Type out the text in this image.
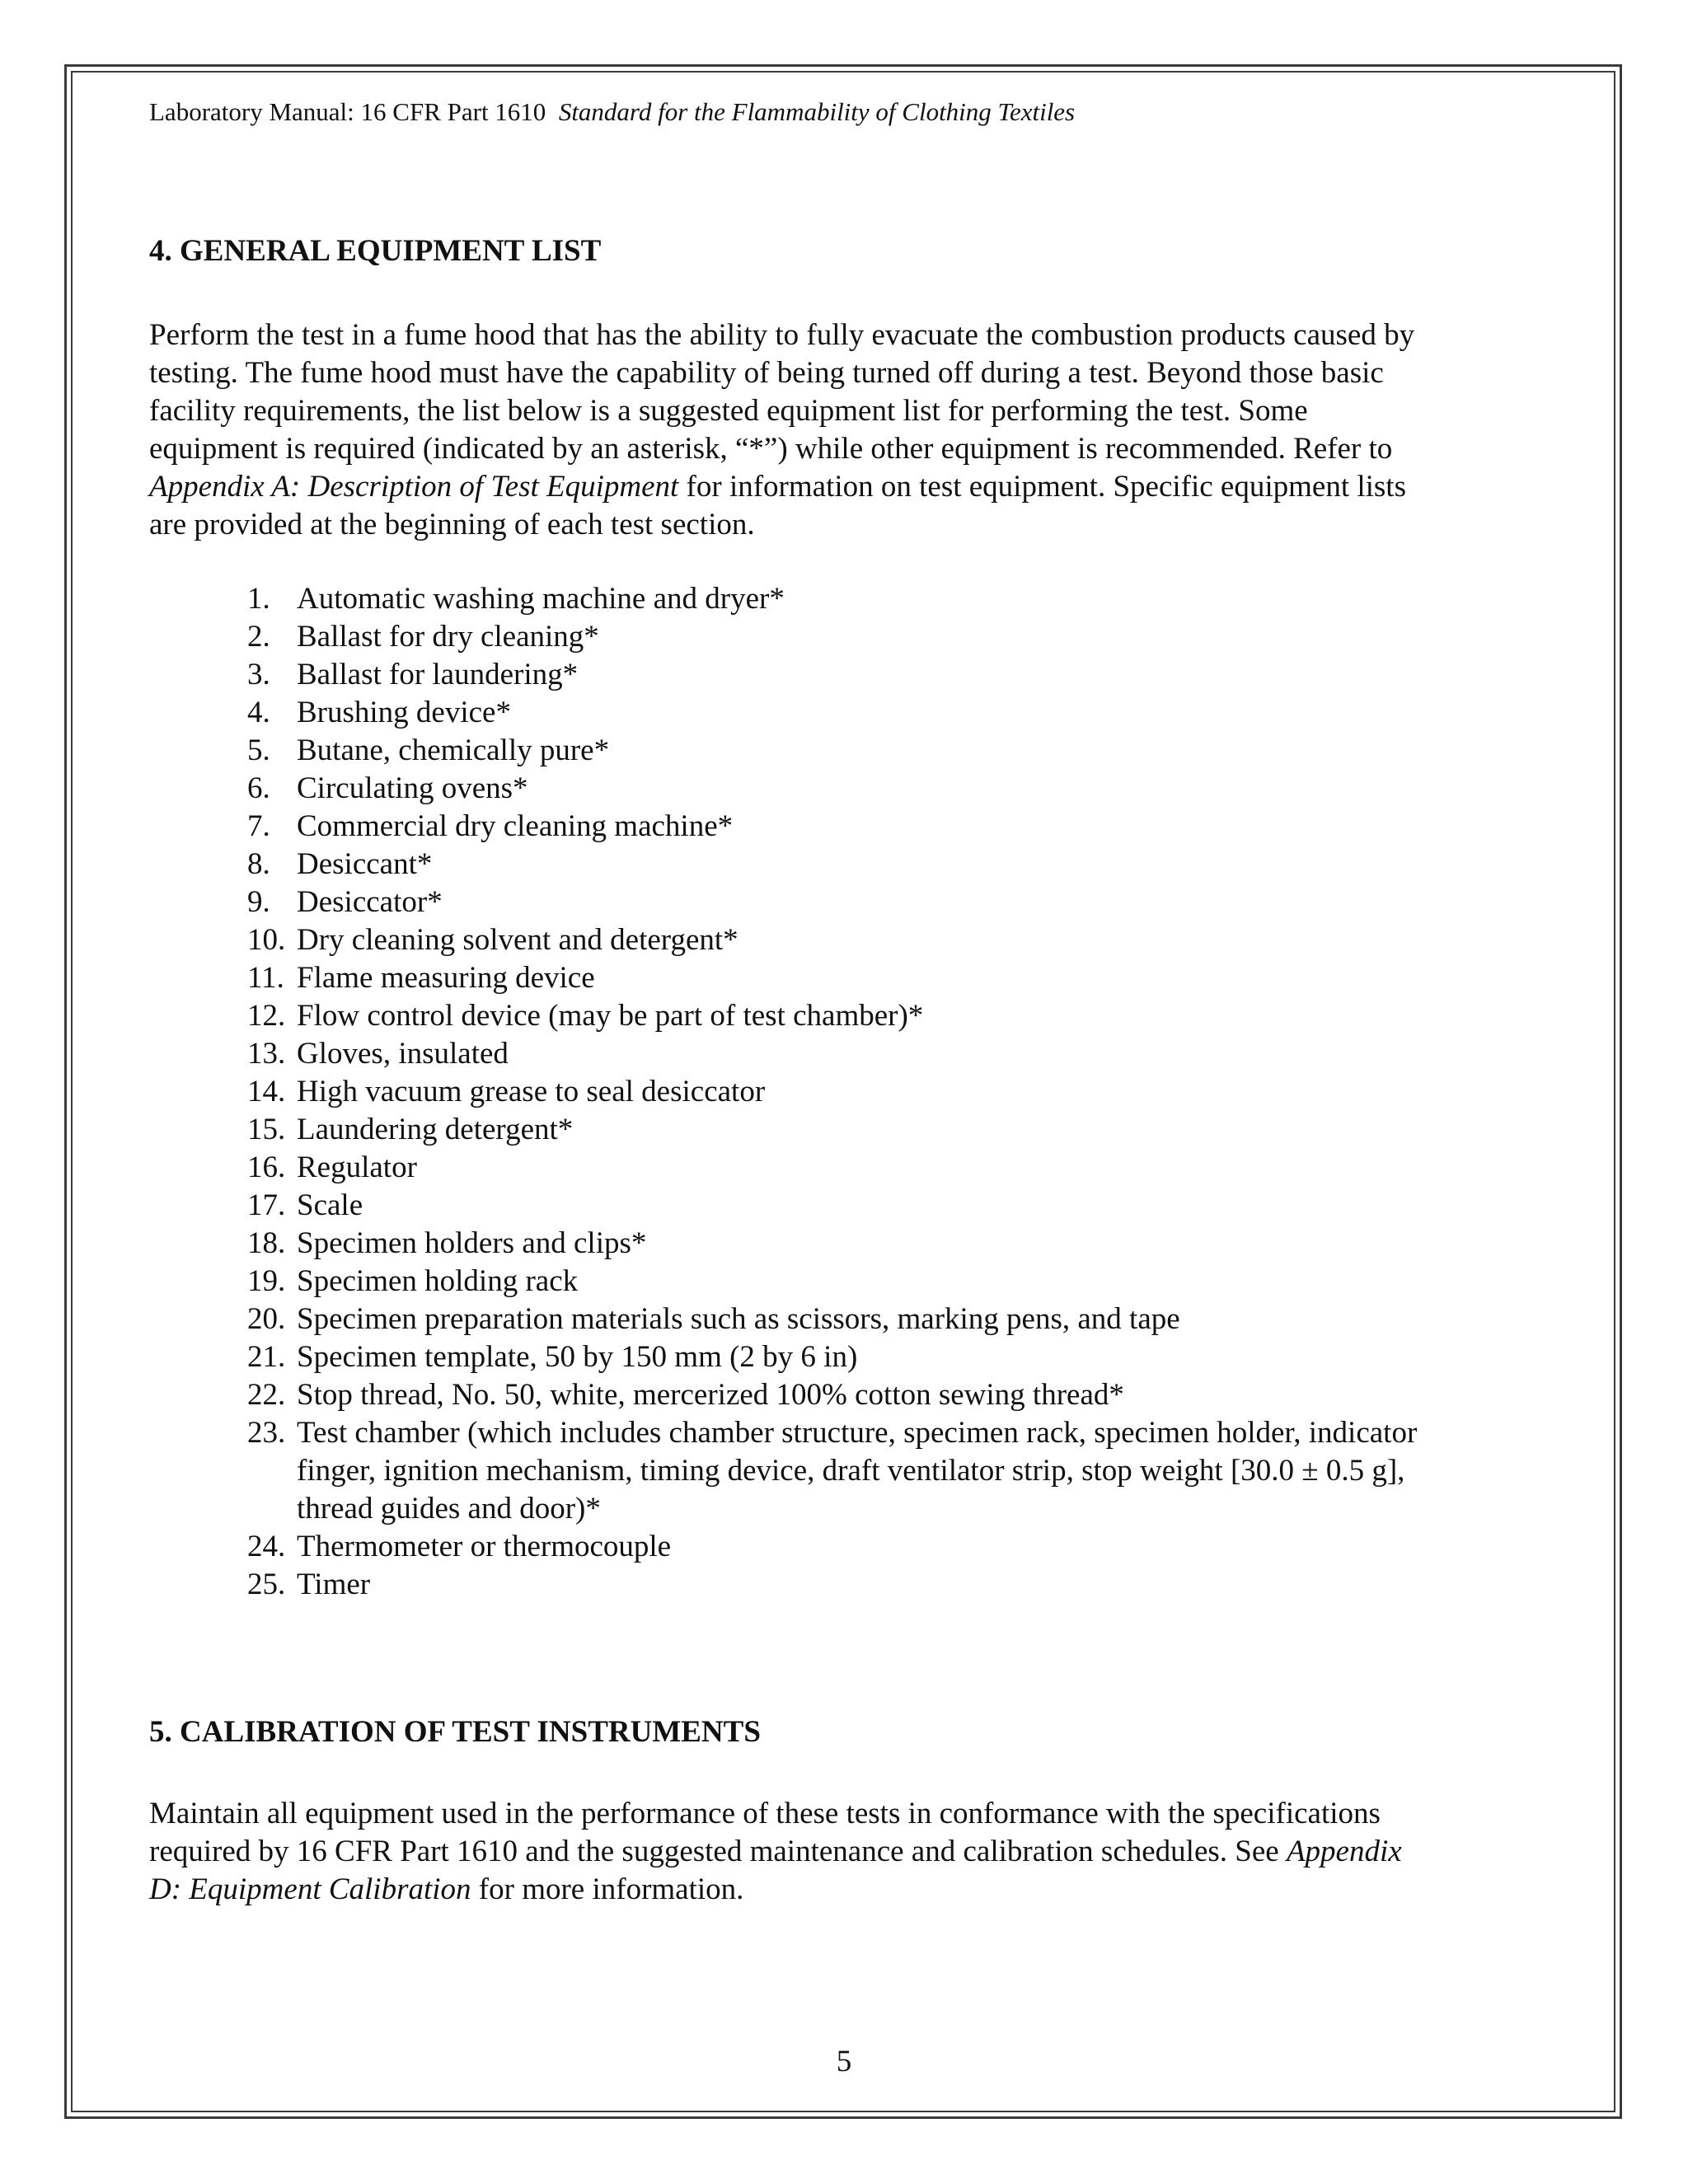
Laboratory Manual: 16 CFR Part 1610 Standard for the Flammability of Clothing Textiles
4. GENERAL EQUIPMENT LIST
Perform the test in a fume hood that has the ability to fully evacuate the combustion products caused by
testing. The fume hood must have the capability of being turned off during a test. Beyond those basic
facility requirements, the list below is a suggested equipment list for performing the test. Some
equipment is required (indicated by an asterisk, “*”) while other equipment is recommended. Refer to
Appendix A: Description of Test Equipment for information on test equipment. Specific equipment lists
are provided at the beginning of each test section.
1. Automatic washing machine and dryer*
2. Ballast for dry cleaning*
3. Ballast for laundering*
4. Brushing device*
5. Butane, chemically pure*
6. Circulating ovens*
7. Commercial dry cleaning machine*
8. Desiccant*
9. Desiccator*
10. Dry cleaning solvent and detergent*
11. Flame measuring device
12. Flow control device (may be part of test chamber)*
13. Gloves, insulated
14. High vacuum grease to seal desiccator
15. Laundering detergent*
16. Regulator
17. Scale
18. Specimen holders and clips*
19. Specimen holding rack
20. Specimen preparation materials such as scissors, marking pens, and tape
21. Specimen template, 50 by 150 mm (2 by 6 in)
22. Stop thread, No. 50, white, mercerized 100% cotton sewing thread*
23. Test chamber (which includes chamber structure, specimen rack, specimen holder, indicator
finger, ignition mechanism, timing device, draft ventilator strip, stop weight [30.0 ± 0.5 g],
thread guides and door)*
24. Thermometer or thermocouple
25. Timer
5. CALIBRATION OF TEST INSTRUMENTS
Maintain all equipment used in the performance of these tests in conformance with the specifications
required by 16 CFR Part 1610 and the suggested maintenance and calibration schedules. See Appendix
D: Equipment Calibration for more information.
5
